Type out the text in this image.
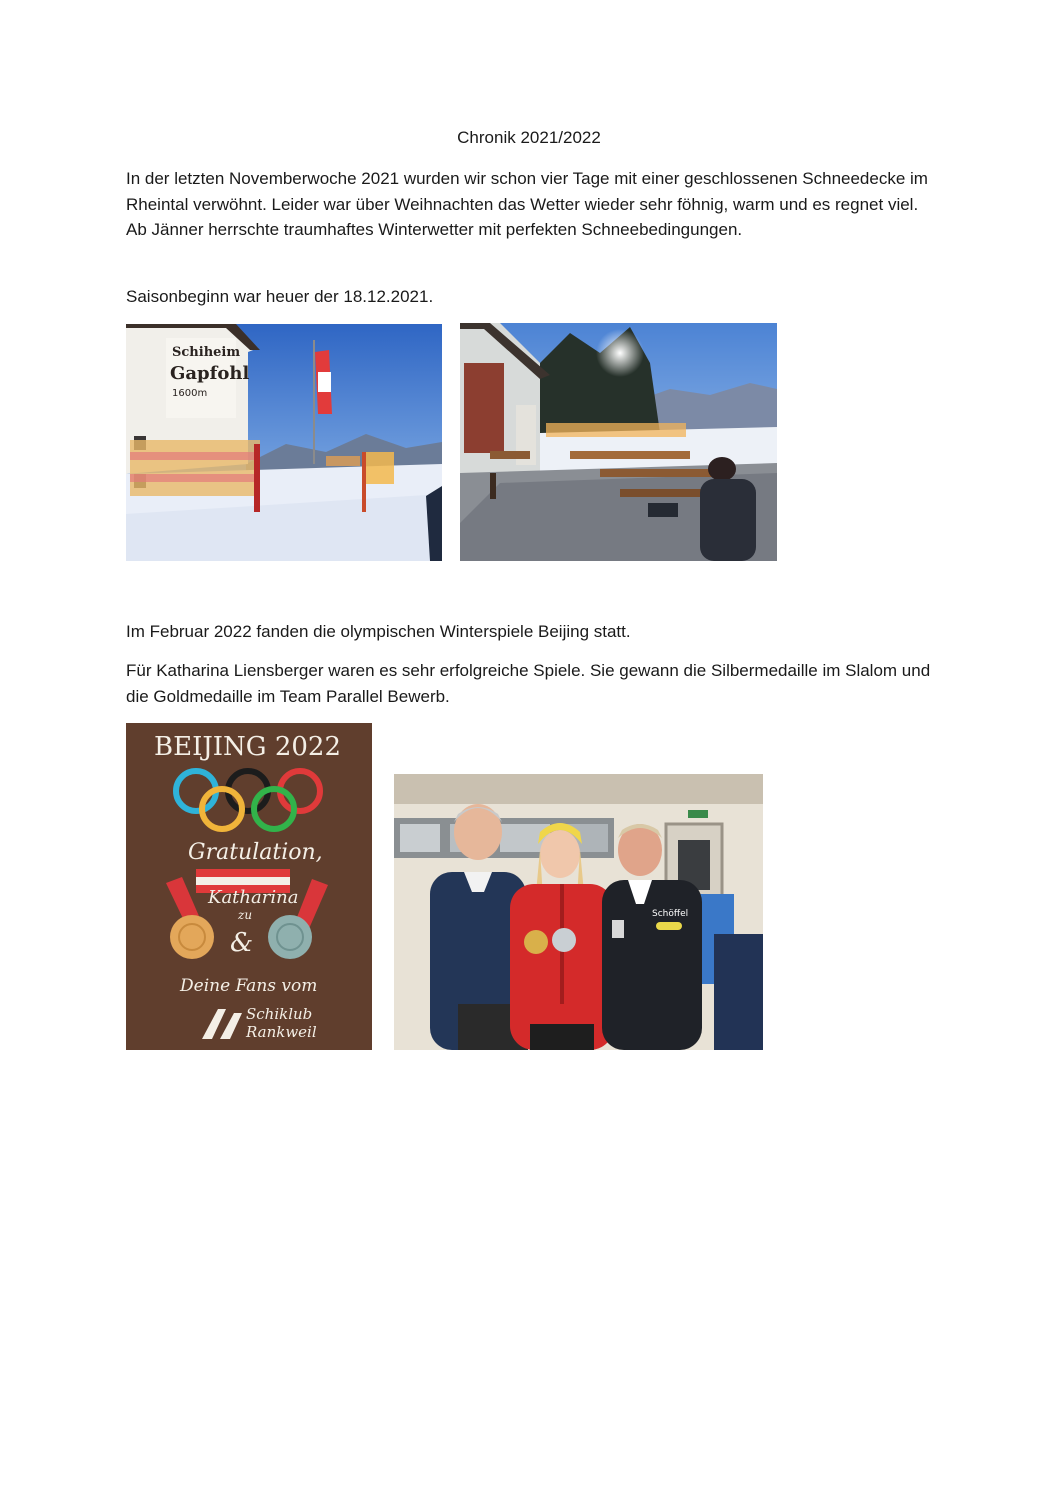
Chronik 2021/2022

In der letzten Novemberwoche 2021 wurden wir schon vier Tage mit einer geschlossenen Schneedecke im Rheintal verwöhnt. Leider war über Weihnachten das Wetter wieder sehr föhnig, warm und es regnet viel. Ab Jänner herrschte traumhaftes Winterwetter mit perfekten Schneebedingungen.

Saisonbeginn war heuer der 18.12.2021.

Schiheim
Gapfohl
1600m

Im Februar 2022 fanden die olympischen Winterspiele Beijing statt.

Für Katharina Liensberger waren es sehr erfolgreiche Spiele. Sie gewann die Silbermedaille im Slalom und die Goldmedaille im Team Parallel Bewerb.

BEIJING 2022
Gratulation,
Katharina
zu
&
Deine Fans vom
Schiklub
Rankweil
Schöffel
